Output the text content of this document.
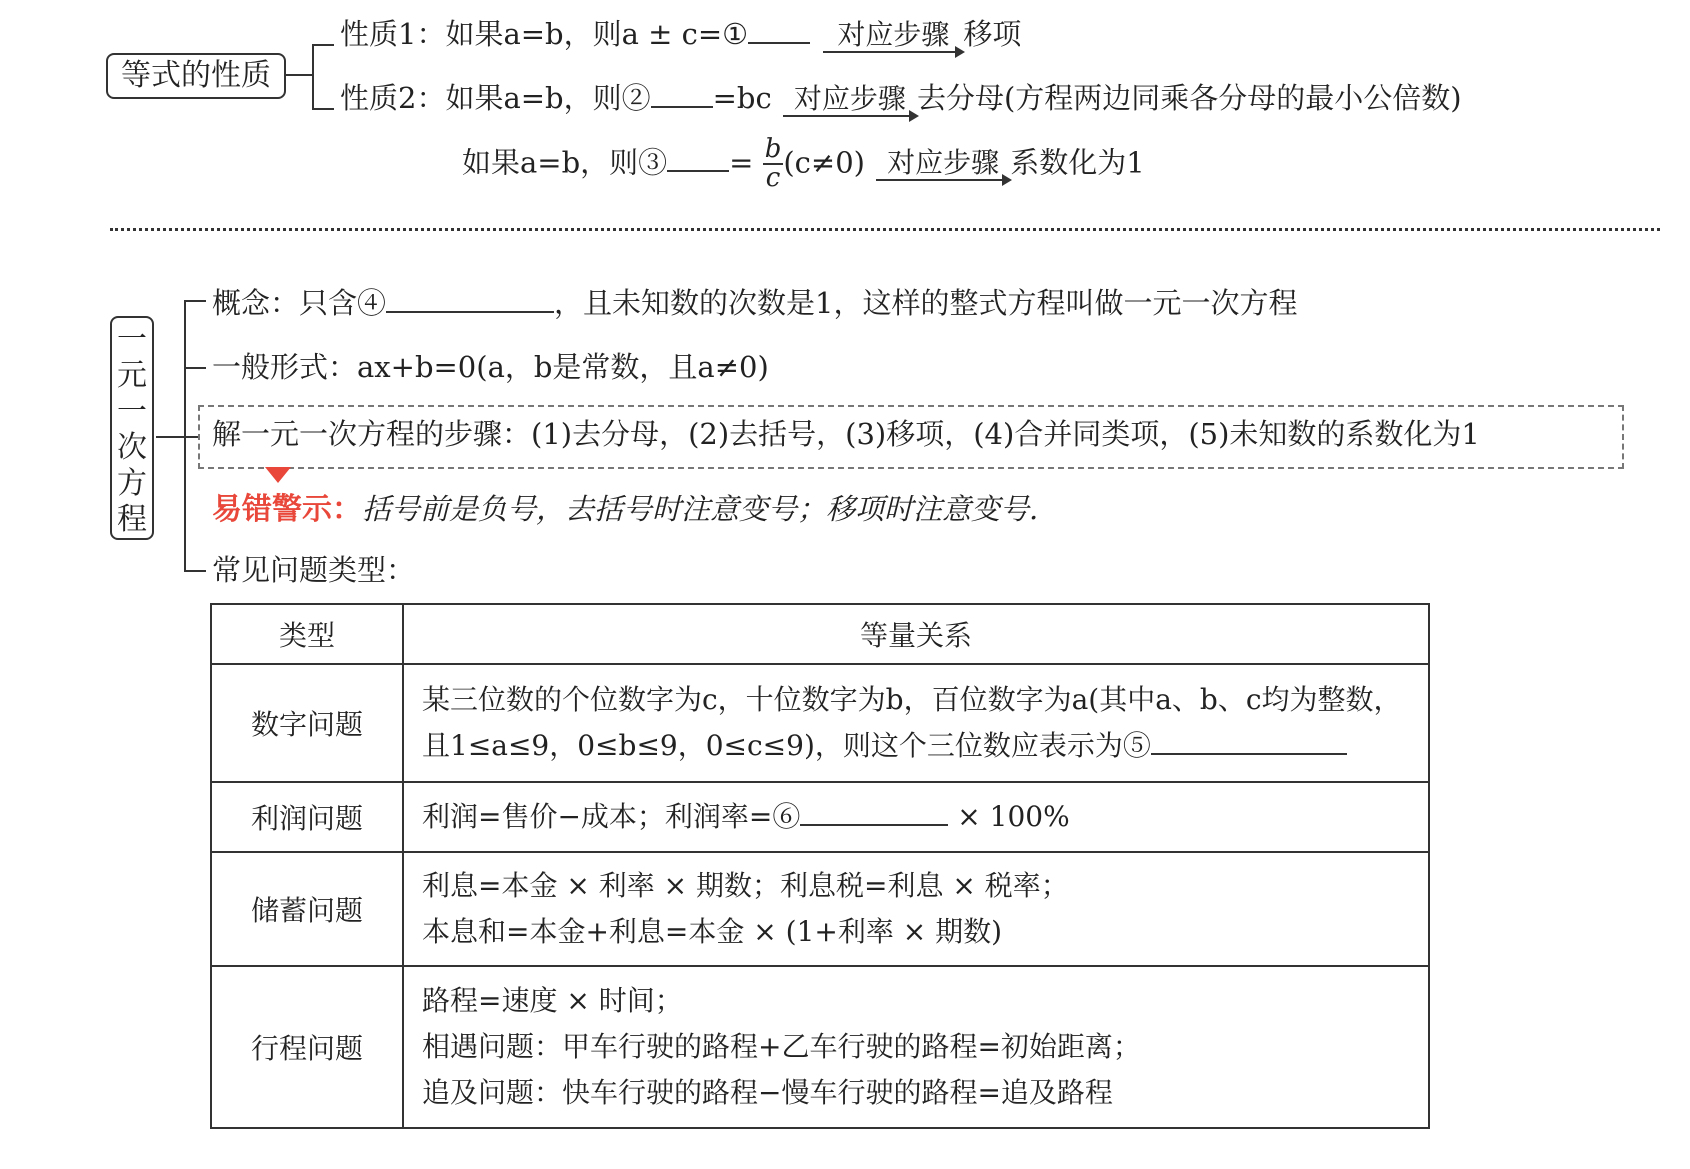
等式的性质
性质1：如果a=b，则a ± c=①	对应步骤 移项
性质2：如果a=b，则② =bc 对应步骤 去分母(方程两边同乘各分母的最小公倍数)
如果a=b，则③ = $\frac{b}{c} (c\ne 0)$ 对应步骤 系数化为1
一
元
一
次
方
程
概念：只含④	，且未知数的次数是1，这样的整式方程叫做一元一次方程
一般形式：ax+b=0(a，b是常数，且a≠0)
解一元一次方程的步骤：(1)去分母，(2)去括号，(3)移项，(4)合并同类项，(5)未知数的系数化为1
易错警示：括号前是负号，去括号时注意变号；移项时注意变号.
常见问题类型：
类型	等量关系
数字问题	某三位数的个位数字为c，十位数字为b，百位数字为a(其中a、b、c均为整数，
且1≤a≤9，0≤b≤9，0≤c≤9)，则这个三位数应表示为⑤

利润问题	利润=售价−成本；利润率=⑥ × 100%

储蓄问题	利息=本金 × 利率 × 期数；利息税=利息 × 税率；
本息和=本金+利息=本金 × (1+利率 × 期数)

行程问题	路程=速度 × 时间；
相遇问题：甲车行驶的路程+乙车行驶的路程=初始距离；
追及问题：快车行驶的路程−慢车行驶的路程=追及路程
